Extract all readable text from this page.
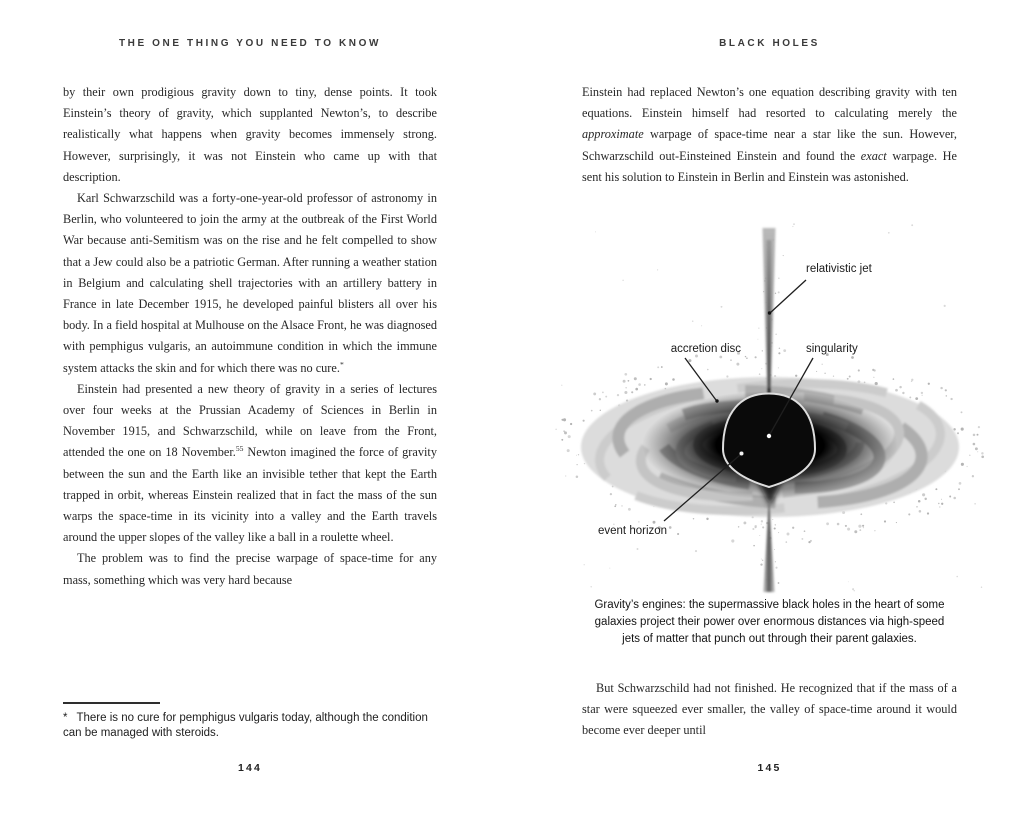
THE ONE THING YOU NEED TO KNOW

by their own prodigious gravity down to tiny, dense points. It took Einstein’s theory of gravity, which supplanted Newton’s, to describe realistically what happens when gravity becomes immensely strong. However, surprisingly, it was not Einstein who came up with that description.

Karl Schwarzschild was a forty-one-year-old professor of astronomy in Berlin, who volunteered to join the army at the outbreak of the First World War because anti-Semitism was on the rise and he felt compelled to show that a Jew could also be a patriotic German. After running a weather station in Belgium and calculating shell trajectories with an artillery battery in France in late December 1915, he developed painful blisters all over his body. In a field hospital at Mulhouse on the Alsace Front, he was diagnosed with pemphigus vulgaris, an autoimmune condition in which the immune system attacks the skin and for which there was no cure.*

Einstein had presented a new theory of gravity in a series of lectures over four weeks at the Prussian Academy of Sciences in Berlin in November 1915, and Schwarzschild, while on leave from the Front, attended the one on 18 November.$^{55}$ Newton imagined the force of gravity between the sun and the Earth like an invisible tether that kept the Earth trapped in orbit, whereas Einstein realized that in fact the mass of the sun warps the space-time in its vicinity into a valley and the Earth travels around the upper slopes of the valley like a ball in a roulette wheel.

The problem was to find the precise warpage of space-time for any mass, something which was very hard because

* There is no cure for pemphigus vulgaris today, although the condition can be managed with steroids.
144
BLACK HOLES

Einstein had replaced Newton’s one equation describing gravity with ten equations. Einstein himself had resorted to calculating merely the approximate warpage of space-time near a star like the sun. However, Schwarzschild out-Einsteined Einstein and found the exact warpage. He sent his solution to Einstein in Berlin and Einstein was astonished.

Gravity’s engines: the supermassive black holes in the heart of some galaxies project their power over enormous distances via high-speed jets of matter that punch out through their parent galaxies.

But Schwarzschild had not finished. He recognized that if the mass of a star were squeezed ever smaller, the valley of space-time around it would become ever deeper until

145
relativistic jet
accretion disc	singularity
event horizon
